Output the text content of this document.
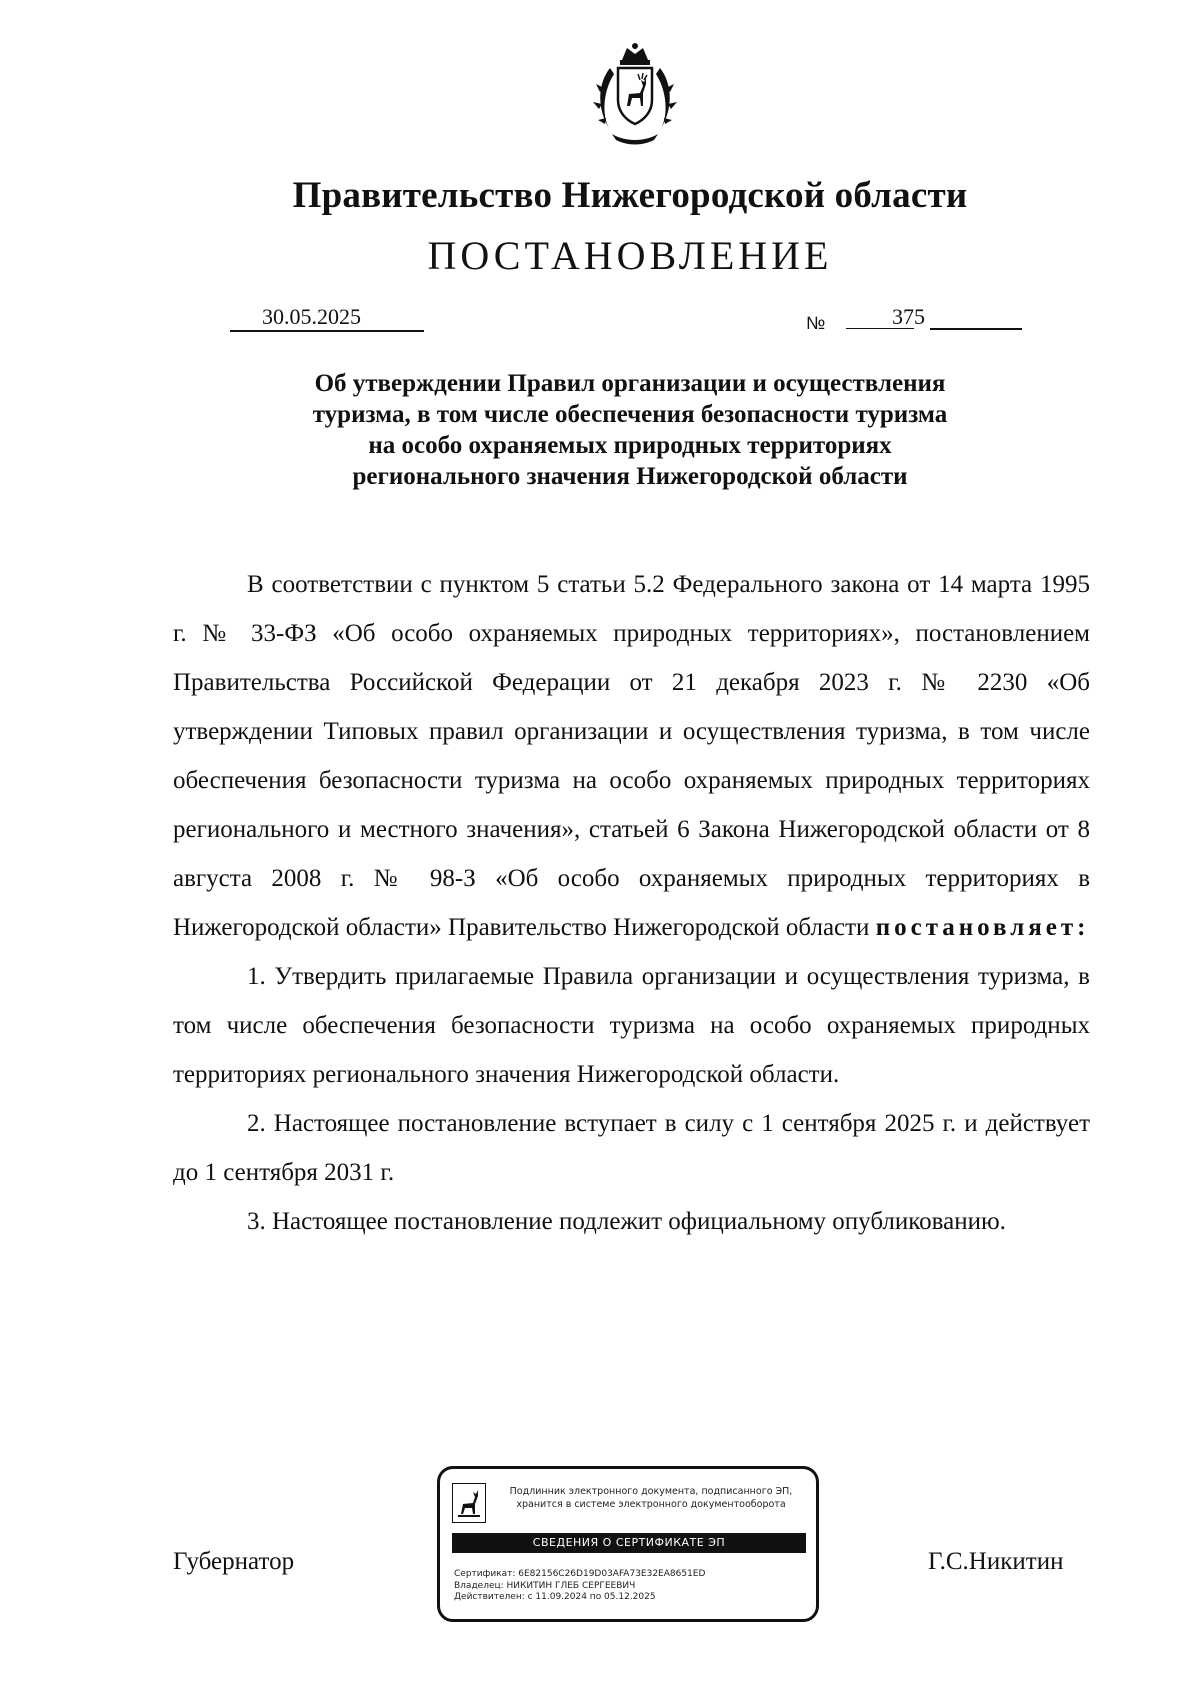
Правительство Нижегородской области
ПОСТАНОВЛЕНИЕ
30.05.2025	№	375
Об утверждении Правил организации и осуществления
туризма, в том числе обеспечения безопасности туризма
на особо охраняемых природных территориях
регионального значения Нижегородской области

В соответствии с пунктом 5 статьи 5.2 Федерального закона от 14 марта 1995 г. № 33-ФЗ «Об особо охраняемых природных территориях», постановлением Правительства Российской Федерации от 21 декабря 2023 г. № 2230 «Об утверждении Типовых правил организации и осуществления туризма, в том числе обеспечения безопасности туризма на особо охраняемых природных территориях регионального и местного значения», статьей 6 Закона Нижегородской области от 8 августа 2008 г. № 98-З «Об особо охраняемых природных территориях в Нижегородской области» Правительство Нижегородской области постановляет:

1. Утвердить прилагаемые Правила организации и осуществления туризма, в том числе обеспечения безопасности туризма на особо охраняемых природных территориях регионального значения Нижегородской области.

2. Настоящее постановление вступает в силу с 1 сентября 2025 г. и действует до 1 сентября 2031 г.

3. Настоящее постановление подлежит официальному опубликованию.

Губернатор	Г.С.Никитин
Подлинник электронного документа, подписанного ЭП,
хранится в системе электронного документооборота
СВЕДЕНИЯ О СЕРТИФИКАТЕ ЭП
Сертификат: 6E82156C26D19D03AFA73E32EA8651ED
Владелец: НИКИТИН ГЛЕБ СЕРГЕЕВИЧ
Действителен: с 11.09.2024 по 05.12.2025
